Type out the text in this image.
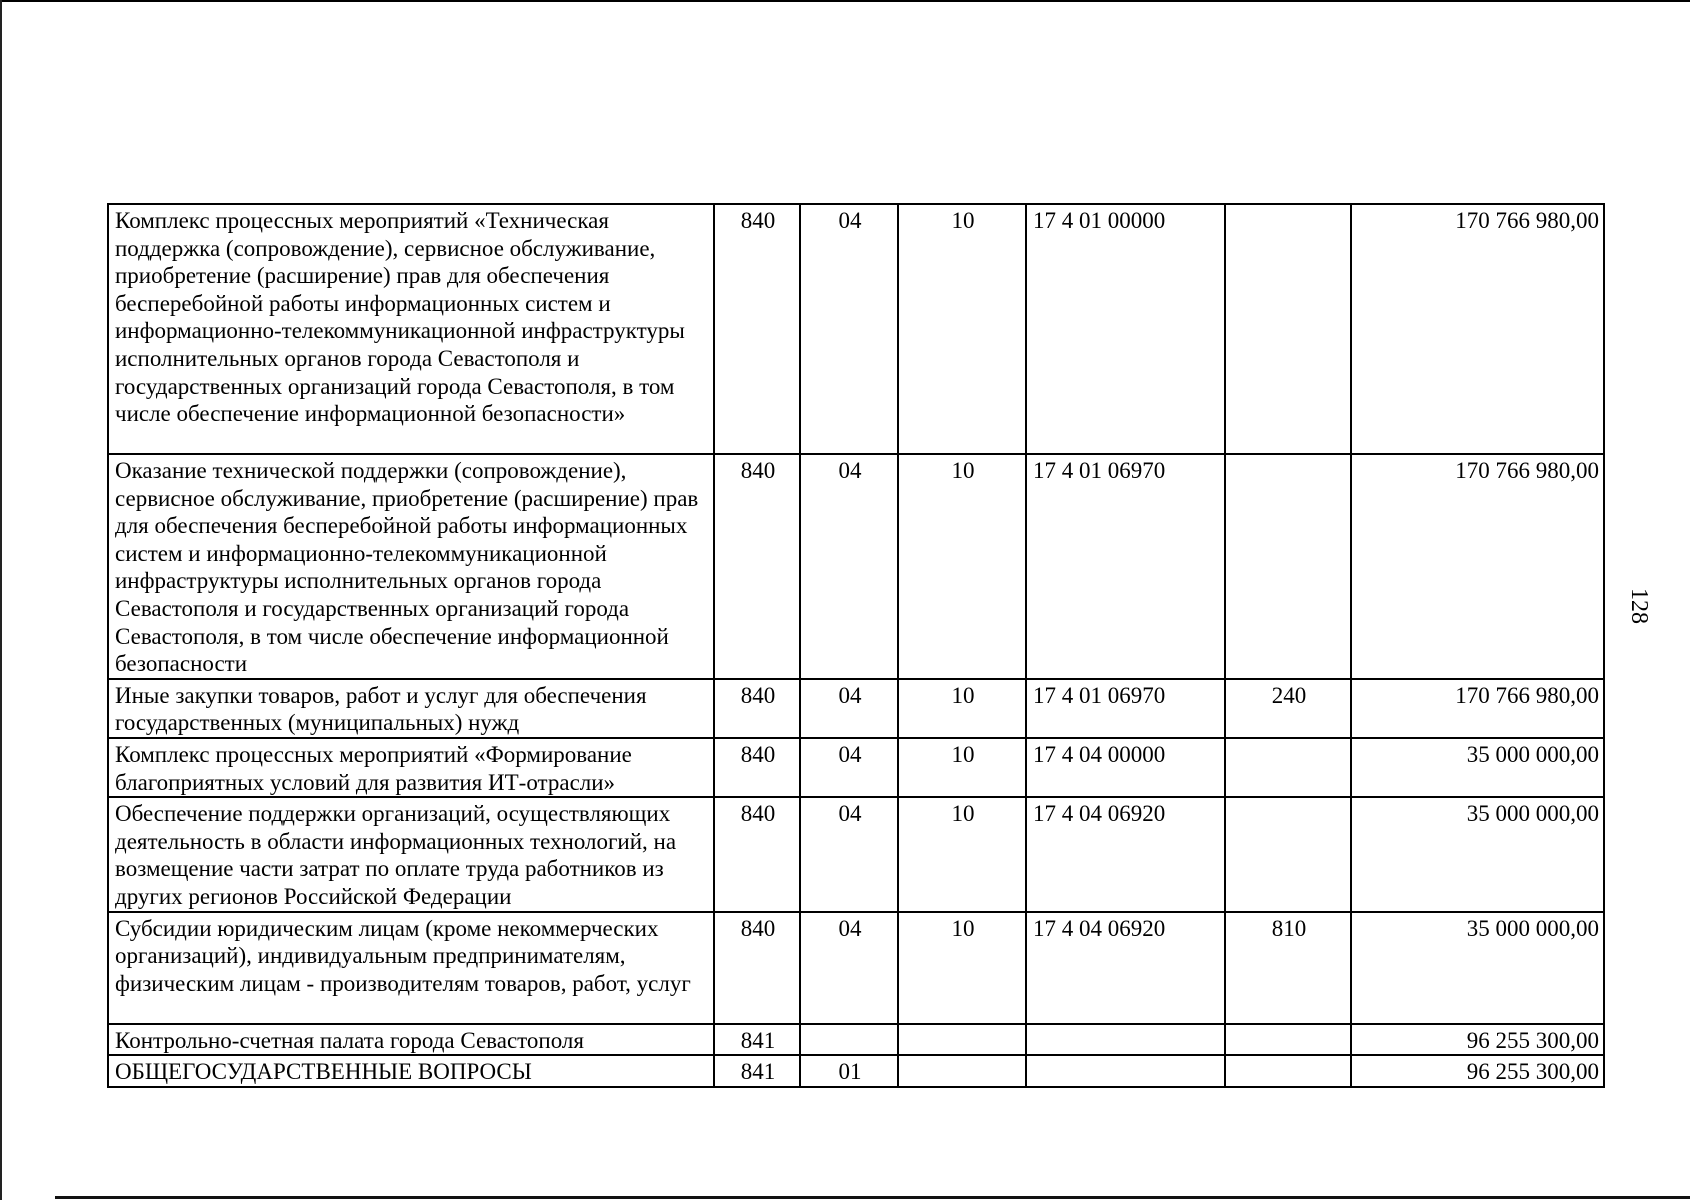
Комплекс процессных мероприятий «Техническая поддержка (сопровождение), сервисное обслуживание, приобретение (расширение) прав для обеспечения бесперебойной работы информационных систем и информационно-телекоммуникационной инфраструктуры исполнительных органов города Севастополя и государственных организаций города Севастополя, в том числе обеспечение информационной безопасности»	840	04	10	17 4 01 00000		170 766 980,00
Оказание технической поддержки (сопровождение), сервисное обслуживание, приобретение (расширение) прав для обеспечения бесперебойной работы информационных систем и информационно-телекоммуникационной инфраструктуры исполнительных органов города Севастополя и государственных организаций города Севастополя, в том числе обеспечение информационной безопасности	840	04	10	17 4 01 06970		170 766 980,00
Иные закупки товаров, работ и услуг для обеспечения государственных (муниципальных) нужд	840	04	10	17 4 01 06970	240	170 766 980,00
Комплекс процессных мероприятий «Формирование благоприятных условий для развития ИТ-отрасли»	840	04	10	17 4 04 00000		35 000 000,00
Обеспечение поддержки организаций, осуществляющих деятельность в области информационных технологий, на возмещение части затрат по оплате труда работников из других регионов Российской Федерации	840	04	10	17 4 04 06920		35 000 000,00
Субсидии юридическим лицам (кроме некоммерческих организаций), индивидуальным предпринимателям, физическим лицам - производителям товаров, работ, услуг	840	04	10	17 4 04 06920	810	35 000 000,00
Контрольно-счетная палата города Севастополя	841					96 255 300,00
ОБЩЕГОСУДАРСТВЕННЫЕ ВОПРОСЫ	841	01				96 255 300,00
128
